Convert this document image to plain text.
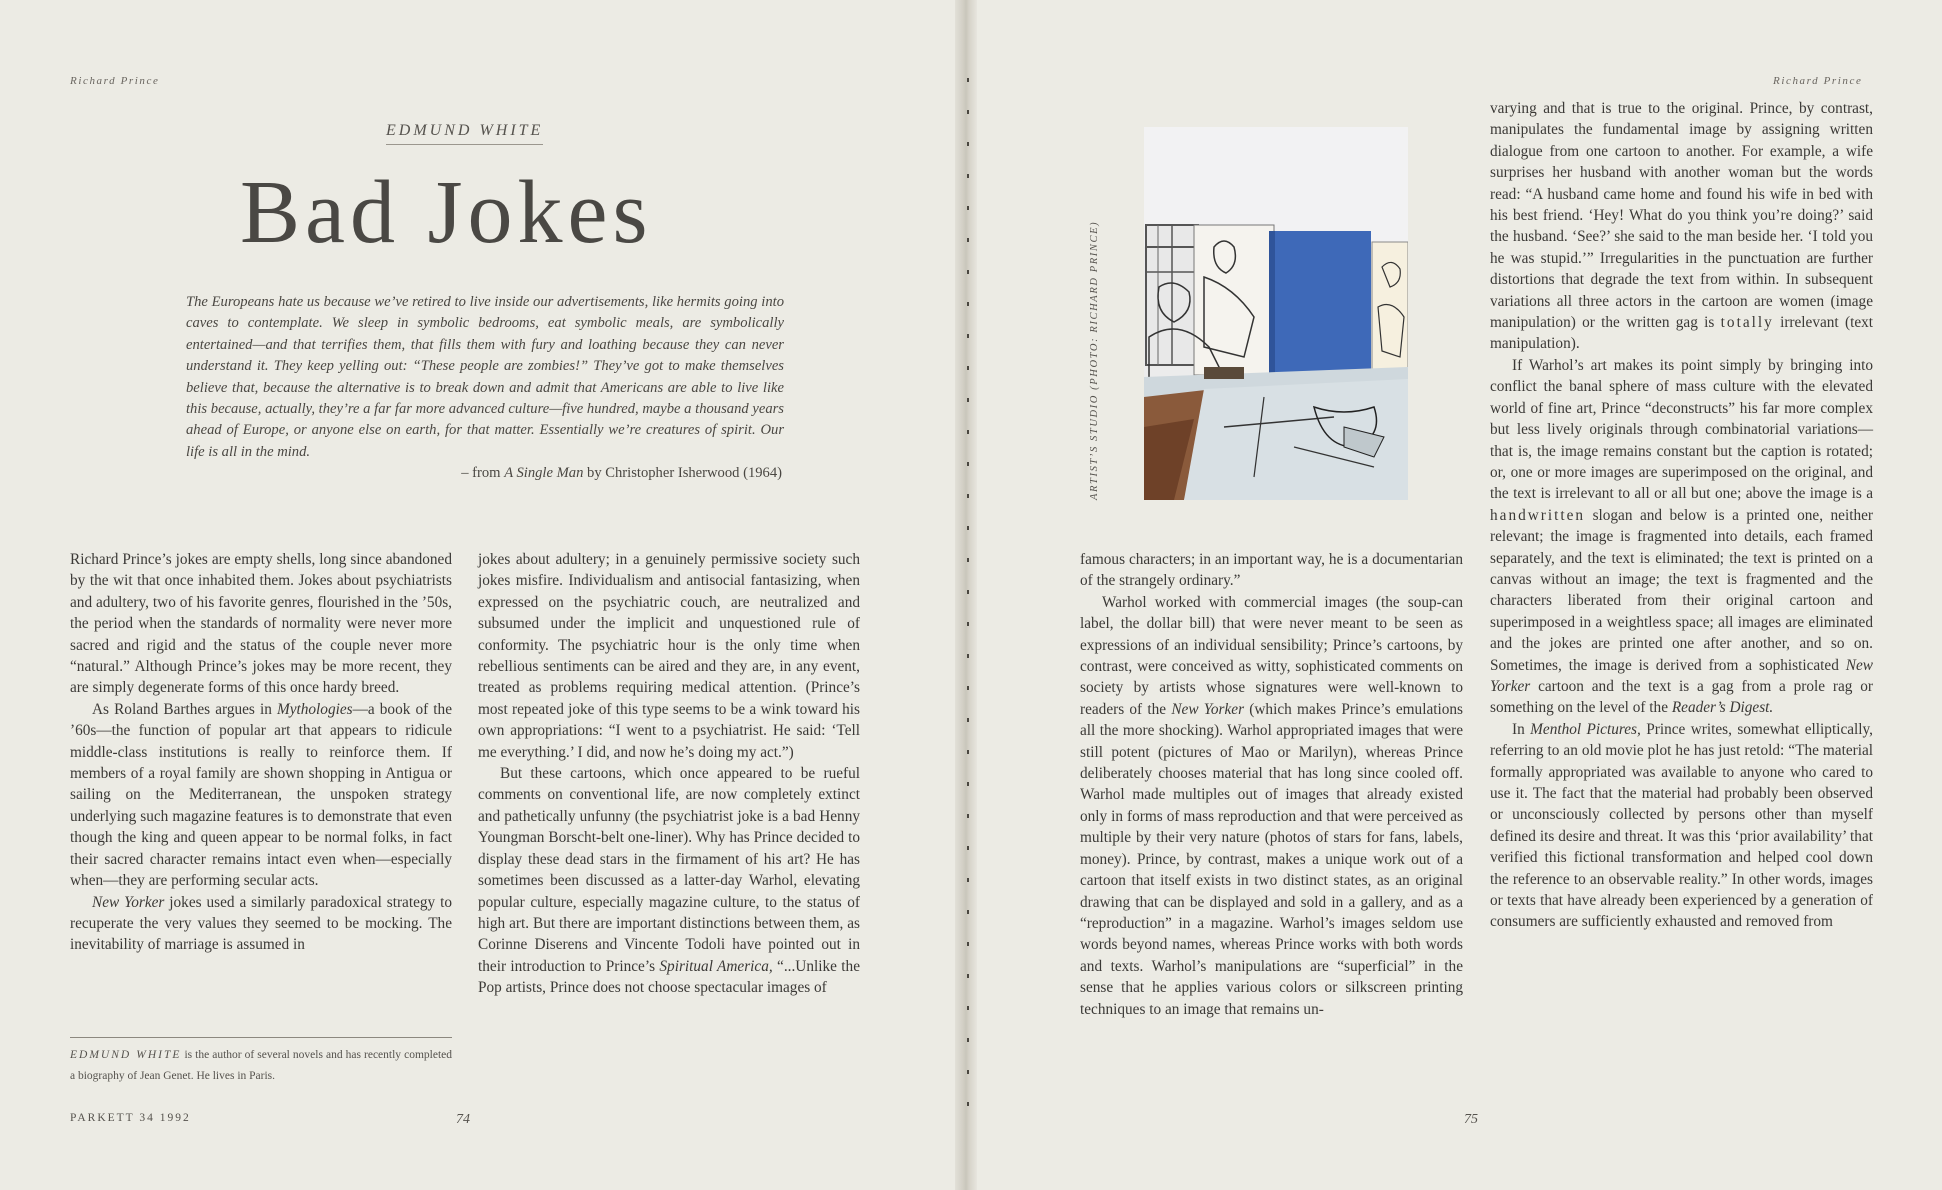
Richard Prince	Richard Prince
EDMUND WHITE
Bad Jokes
The Europeans hate us because we’ve retired to live inside our advertisements, like hermits going into caves to contemplate. We sleep in symbolic bedrooms, eat symbolic meals, are symbolically entertained—and that terrifies them, that fills them with fury and loathing because they can never understand it. They keep yelling out: “These people are zombies!” They’ve got to make themselves believe that, because the alternative is to break down and admit that Americans are able to live like this because, actually, they’re a far far more advanced culture—five hundred, maybe a thousand years ahead of Europe, or anyone else on earth, for that matter. Essentially we’re creatures of spirit. Our life is all in the mind.
– from A Single Man by Christopher Isherwood (1964)

Richard Prince’s jokes are empty shells, long since abandoned by the wit that once inhabited them. Jokes about psychiatrists and adultery, two of his favorite genres, flourished in the ’50s, the period when the standards of normality were never more sacred and rigid and the status of the couple never more “natural.” Although Prince’s jokes may be more recent, they are simply degenerate forms of this once hardy breed.

As Roland Barthes argues in Mythologies—a book of the ’60s—the function of popular art that appears to ridicule middle-class institutions is really to reinforce them. If members of a royal family are shown shopping in Antigua or sailing on the Mediterranean, the unspoken strategy underlying such magazine features is to demonstrate that even though the king and queen appear to be normal folks, in fact their sacred character remains intact even when—especially when—they are performing secular acts.

New Yorker jokes used a similarly paradoxical strategy to recuperate the very values they seemed to be mocking. The inevitability of marriage is assumed in

EDMUND WHITE is the author of several novels and has recently completed a biography of Jean Genet. He lives in Paris.

jokes about adultery; in a genuinely permissive society such jokes misfire. Individualism and antisocial fantasizing, when expressed on the psychiatric couch, are neutralized and subsumed under the implicit and unquestioned rule of conformity. The psychiatric hour is the only time when rebellious sentiments can be aired and they are, in any event, treated as problems requiring medical attention. (Prince’s most repeated joke of this type seems to be a wink toward his own appropriations: “I went to a psychiatrist. He said: ‘Tell me everything.’ I did, and now he’s doing my act.”)

But these cartoons, which once appeared to be rueful comments on conventional life, are now completely extinct and pathetically unfunny (the psychiatrist joke is a bad Henny Youngman Borscht-belt one-liner). Why has Prince decided to display these dead stars in the firmament of his art? He has sometimes been discussed as a latter-day Warhol, elevating popular culture, especially magazine culture, to the status of high art. But there are important distinctions between them, as Corinne Diserens and Vincente Todoli have pointed out in their introduction to Prince’s Spiritual America, “...Unlike the Pop artists, Prince does not choose spectacular images of

ARTIST’S STUDIO (PHOTO: RICHARD PRINCE)

famous characters; in an important way, he is a documentarian of the strangely ordinary.”

Warhol worked with commercial images (the soup-can label, the dollar bill) that were never meant to be seen as expressions of an individual sensibility; Prince’s cartoons, by contrast, were conceived as witty, sophisticated comments on society by artists whose signatures were well-known to readers of the New Yorker (which makes Prince’s emulations all the more shocking). Warhol appropriated images that were still potent (pictures of Mao or Marilyn), whereas Prince deliberately chooses material that has long since cooled off. Warhol made multiples out of images that already existed only in forms of mass reproduction and that were perceived as multiple by their very nature (photos of stars for fans, labels, money). Prince, by contrast, makes a unique work out of a cartoon that itself exists in two distinct states, as an original drawing that can be displayed and sold in a gallery, and as a “reproduction” in a magazine. Warhol’s images seldom use words beyond names, whereas Prince works with both words and texts. Warhol’s manipulations are “superficial” in the sense that he applies various colors or silkscreen printing techniques to an image that remains un-

varying and that is true to the original. Prince, by contrast, manipulates the fundamental image by assigning written dialogue from one cartoon to another. For example, a wife surprises her husband with another woman but the words read: “A husband came home and found his wife in bed with his best friend. ‘Hey! What do you think you’re doing?’ said the husband. ‘See?’ she said to the man beside her. ‘I told you he was stupid.’” Irregularities in the punctuation are further distortions that degrade the text from within. In subsequent variations all three actors in the cartoon are women (image manipulation) or the written gag is totally irrelevant (text manipulation).

If Warhol’s art makes its point simply by bringing into conflict the banal sphere of mass culture with the elevated world of fine art, Prince “deconstructs” his far more complex but less lively originals through combinatorial variations—that is, the image remains constant but the caption is rotated; or, one or more images are superimposed on the original, and the text is irrelevant to all or all but one; above the image is a handwritten slogan and below is a printed one, neither relevant; the image is fragmented into details, each framed separately, and the text is eliminated; the text is printed on a canvas without an image; the text is fragmented and the characters liberated from their original cartoon and superimposed in a weightless space; all images are eliminated and the jokes are printed one after another, and so on. Sometimes, the image is derived from a sophisticated New Yorker cartoon and the text is a gag from a prole rag or something on the level of the Reader’s Digest.

In Menthol Pictures, Prince writes, somewhat elliptically, referring to an old movie plot he has just retold: “The material formally appropriated was available to anyone who cared to use it. The fact that the material had probably been observed or unconsciously collected by persons other than myself defined its desire and threat. It was this ‘prior availability’ that verified this fictional transformation and helped cool down the reference to an observable reality.” In other words, images or texts that have already been experienced by a generation of consumers are sufficiently exhausted and removed from

PARKETT 34 1992	74	75
